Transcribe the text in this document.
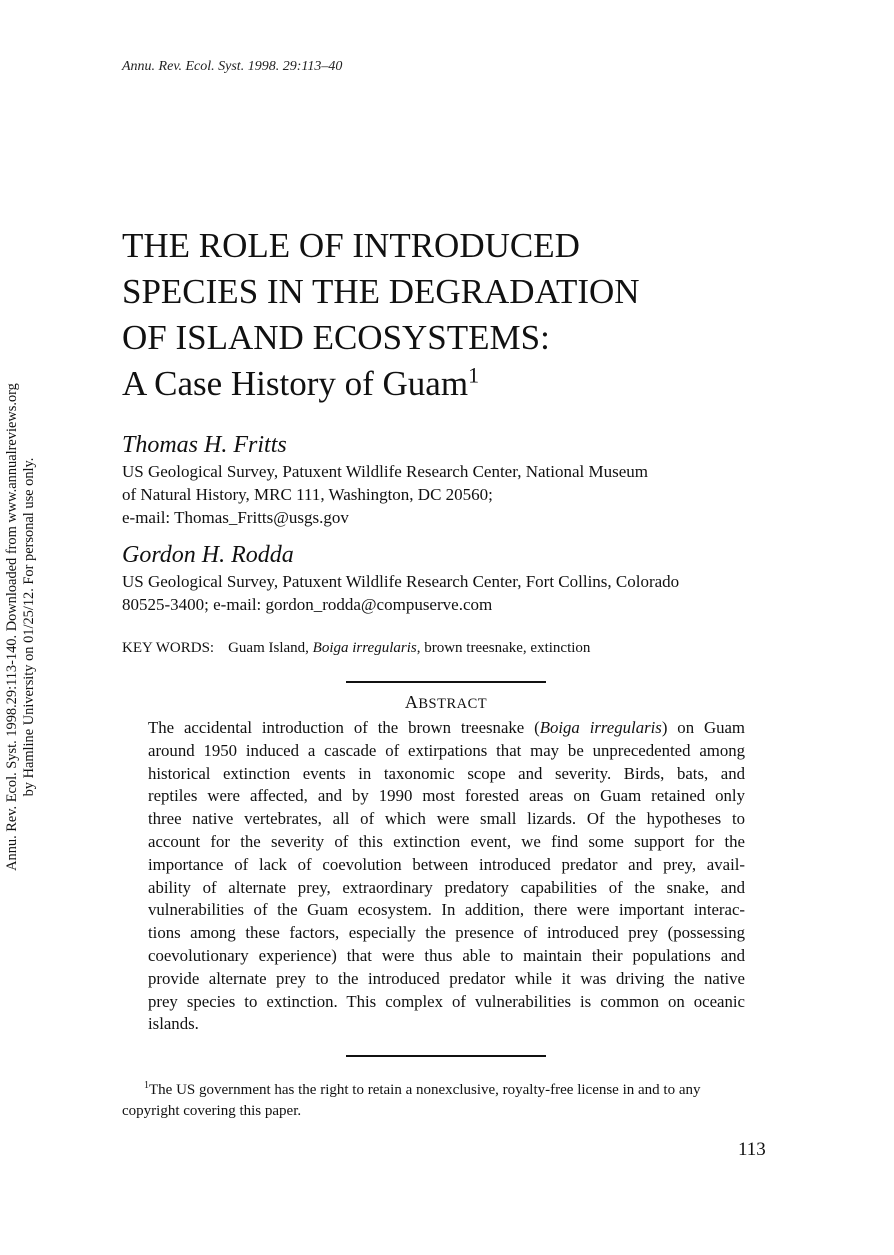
Annu. Rev. Ecol. Syst. 1998. 29:113–40
Annu. Rev. Ecol. Syst. 1998.29:113-140. Downloaded from www.annualreviews.org by Hamline University on 01/25/12. For personal use only.
THE ROLE OF INTRODUCED
SPECIES IN THE DEGRADATION
OF ISLAND ECOSYSTEMS:
A Case History of Guam$^1$
Thomas H. Fritts
US Geological Survey, Patuxent Wildlife Research Center, National Museum
of Natural History, MRC 111, Washington, DC 20560;
e-mail: Thomas_Fritts@usgs.gov
Gordon H. Rodda
US Geological Survey, Patuxent Wildlife Research Center, Fort Collins, Colorado
80525-3400; e-mail: gordon_rodda@compuserve.com
KEY WORDS: Guam Island, Boiga irregularis, brown treesnake, extinction
ABSTRACT
The accidental introduction of the brown treesnake (Boiga irregularis) on Guam
around 1950 induced a cascade of extirpations that may be unprecedented among
historical extinction events in taxonomic scope and severity. Birds, bats, and
reptiles were affected, and by 1990 most forested areas on Guam retained only
three native vertebrates, all of which were small lizards. Of the hypotheses to
account for the severity of this extinction event, we find some support for the
importance of lack of coevolution between introduced predator and prey, avail-
ability of alternate prey, extraordinary predatory capabilities of the snake, and
vulnerabilities of the Guam ecosystem. In addition, there were important interac-
tions among these factors, especially the presence of introduced prey (possessing
coevolutionary experience) that were thus able to maintain their populations and
provide alternate prey to the introduced predator while it was driving the native
prey species to extinction. This complex of vulnerabilities is common on oceanic
islands.
$^1$The US government has the right to retain a nonexclusive, royalty-free license in and to any
copyright covering this paper.
113
